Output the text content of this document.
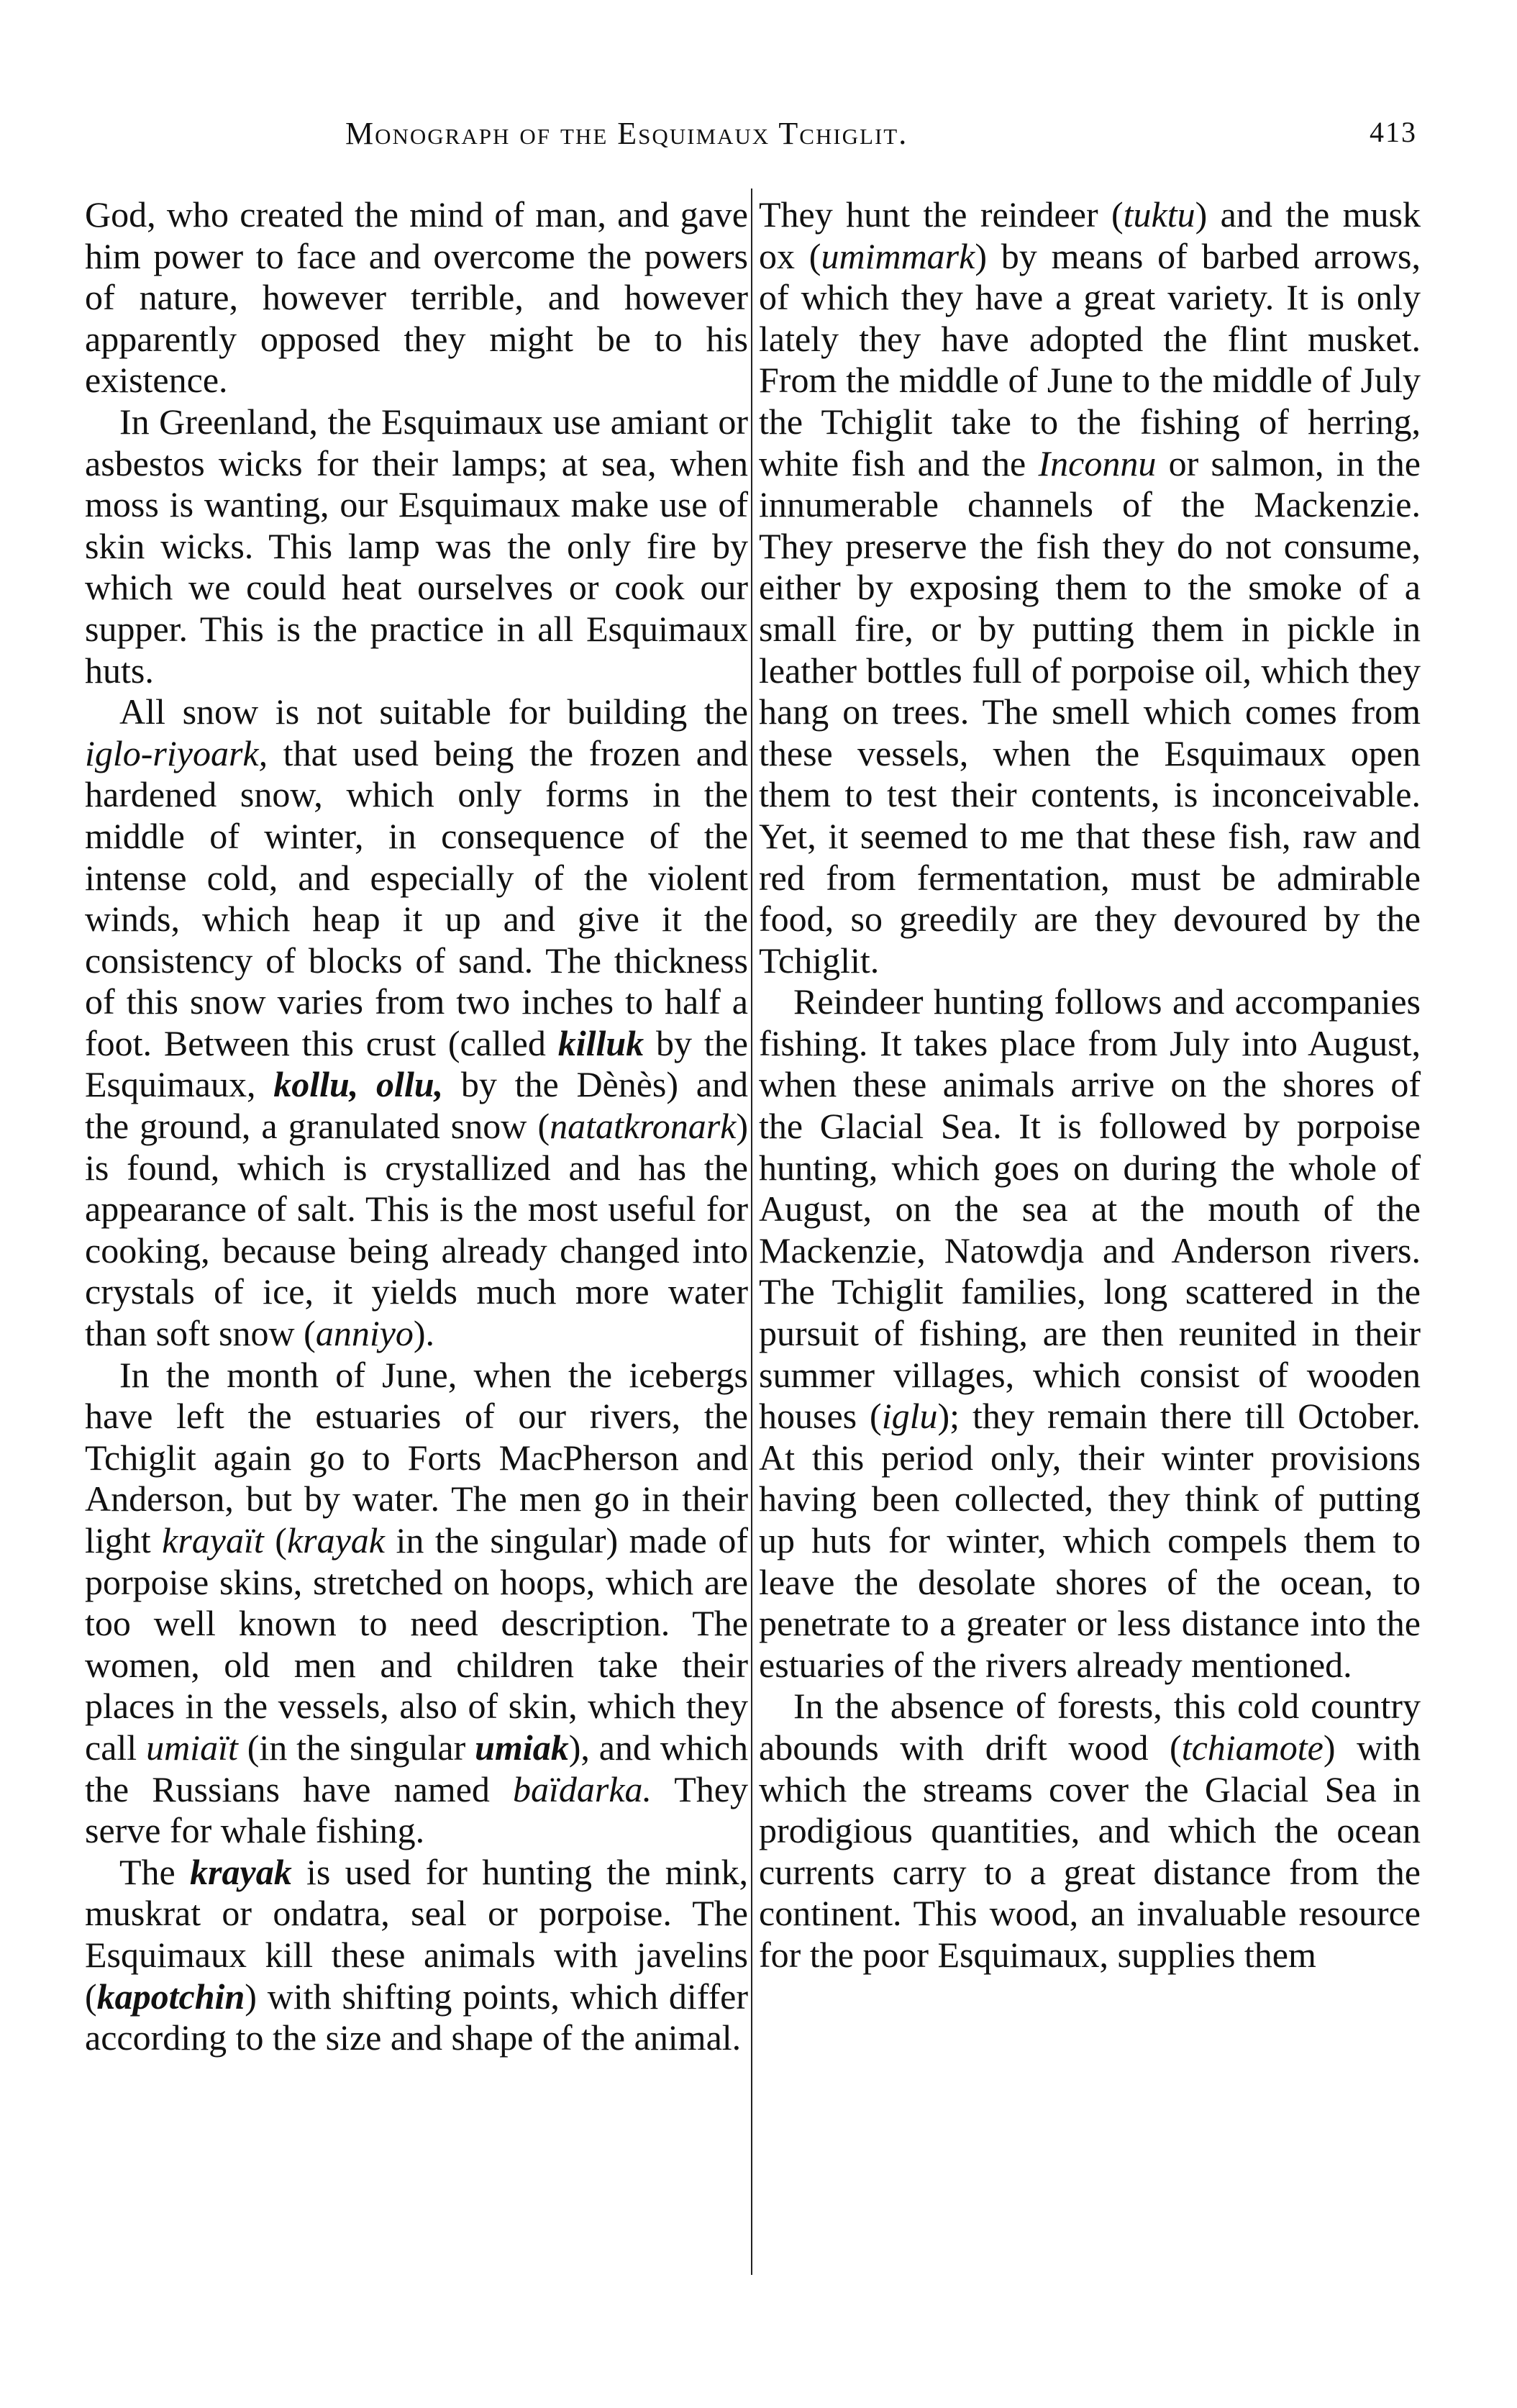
Monograph of the Esquimaux Tchiglit.	413

God, who created the mind of man, and gave him power to face and overcome the powers of nature, however terrible, and however apparently opposed they might be to his existence.

In Greenland, the Esquimaux use amiant or asbestos wicks for their lamps; at sea, when moss is wanting, our Esquimaux make use of skin wicks. This lamp was the only fire by which we could heat ourselves or cook our supper. This is the practice in all Esquimaux huts.

All snow is not suitable for building the iglo-riyoark, that used being the frozen and hardened snow, which only forms in the middle of winter, in consequence of the intense cold, and especially of the violent winds, which heap it up and give it the consistency of blocks of sand. The thickness of this snow varies from two inches to half a foot. Between this crust (called killuk by the Esquimaux, kollu, ollu, by the Dènès) and the ground, a granulated snow (natatkronark) is found, which is crystallized and has the appearance of salt. This is the most useful for cooking, because being already changed into crystals of ice, it yields much more water than soft snow (anniyo).

In the month of June, when the icebergs have left the estuaries of our rivers, the Tchiglit again go to Forts MacPherson and Anderson, but by water. The men go in their light krayaït (krayak in the singular) made of porpoise skins, stretched on hoops, which are too well known to need description. The women, old men and children take their places in the vessels, also of skin, which they call umiaït (in the singular umiak), and which the Russians have named baïdarka. They serve for whale fishing.

The krayak is used for hunting the mink, muskrat or ondatra, seal or porpoise. The Esquimaux kill these animals with javelins (kapotchin) with shifting points, which differ according to the size and shape of the animal.

They hunt the reindeer (tuktu) and the musk ox (umimmark) by means of barbed arrows, of which they have a great variety. It is only lately they have adopted the flint musket. From the middle of June to the middle of July the Tchiglit take to the fishing of herring, white fish and the Inconnu or salmon, in the innumerable channels of the Mackenzie. They preserve the fish they do not consume, either by exposing them to the smoke of a small fire, or by putting them in pickle in leather bottles full of porpoise oil, which they hang on trees. The smell which comes from these vessels, when the Esquimaux open them to test their contents, is inconceivable. Yet, it seemed to me that these fish, raw and red from fermentation, must be admirable food, so greedily are they devoured by the Tchiglit.

Reindeer hunting follows and accompanies fishing. It takes place from July into August, when these animals arrive on the shores of the Glacial Sea. It is followed by porpoise hunting, which goes on during the whole of August, on the sea at the mouth of the Mackenzie, Natowdja and Anderson rivers. The Tchiglit families, long scattered in the pursuit of fishing, are then reunited in their summer villages, which consist of wooden houses (iglu); they remain there till October. At this period only, their winter provisions having been collected, they think of putting up huts for winter, which compels them to leave the desolate shores of the ocean, to penetrate to a greater or less distance into the estuaries of the rivers already mentioned.

In the absence of forests, this cold country abounds with drift wood (tchiamote) with which the streams cover the Glacial Sea in prodigious quantities, and which the ocean currents carry to a great distance from the continent. This wood, an invaluable resource for the poor Esquimaux, supplies them
